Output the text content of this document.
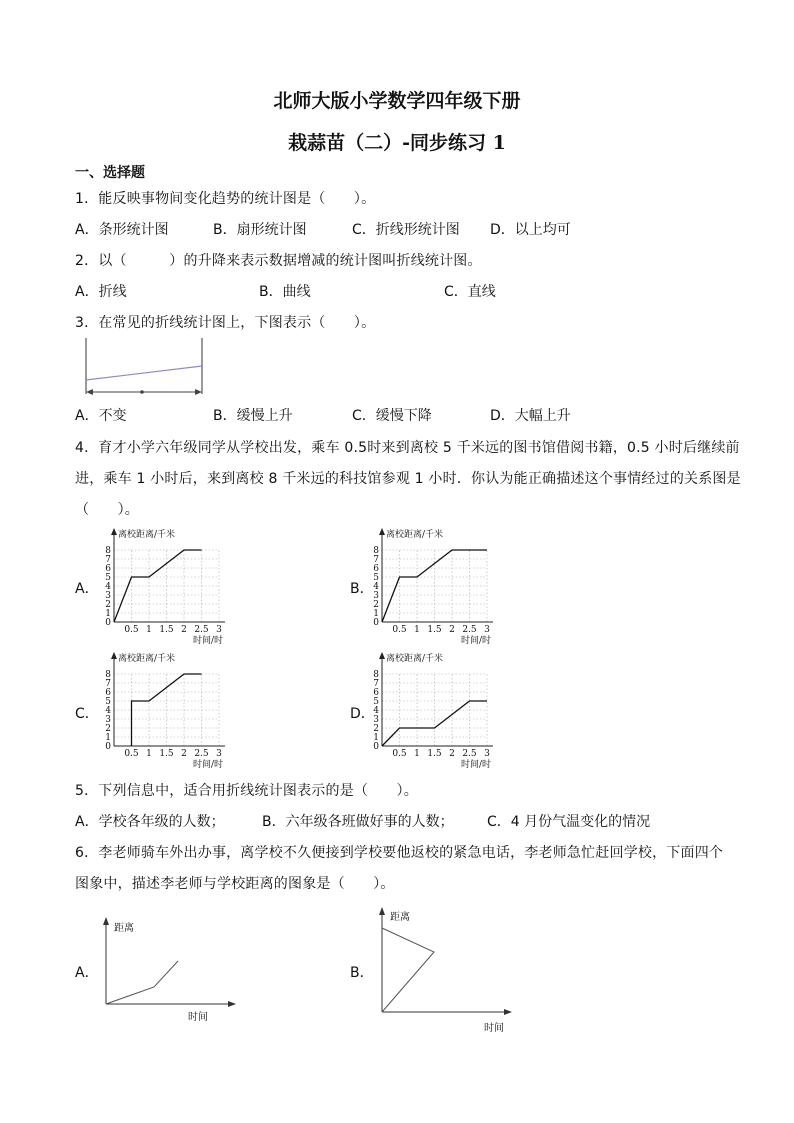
北师大版小学数学四年级下册
栽蒜苗（二）-同步练习 1
一、选择题
1．能反映事物间变化趋势的统计图是（　　）。
A．条形统计图	B．扇形统计图	C．折线形统计图 D．以上均可
2．以（　　　）的升降来表示数据增减的统计图叫折线统计图。
A．折线	B．曲线	C．直线
3．在常见的折线统计图上，下图表示（　　）。
A．不变	B．缓慢上升	C．缓慢下降	D．大幅上升
4．育才小学六年级同学从学校出发，乘车 0.5时来到离校 5 千米远的图书馆借阅书籍，0.5 小时后继续前
进，乘车 1 小时后，来到离校 8 千米远的科技馆参观 1 小时．你认为能正确描述这个事情经过的关系图是
（　　）。
A．	B．
C．	D．
离校距离/千米
时间/时
0.5 1 1.5 2 2.5 3
0
1
2
3
4
5
6
7
8
离校距离/千米
时间/时
0.5 1 1.5 2 2.5 3
0
1
2
3
4
5
6
7
8
离校距离/千米
时间/时
0.5 1 1.5 2 2.5 3
0
1
2
3
4
5
6
7
8
离校距离/千米
时间/时
0.5 1 1.5 2 2.5 3
0
1
2
3
4
5
6
7
8
5．下列信息中，适合用折线统计图表示的是（　　）。
A．学校各年级的人数；	B．六年级各班做好事的人数； C．4 月份气温变化的情况
6．李老师骑车外出办事，离学校不久便接到学校要他返校的紧急电话，李老师急忙赶回学校，下面四个
图象中，描述李老师与学校距离的图象是（　　）。
A．	B．
距离
时间
距离
时间
